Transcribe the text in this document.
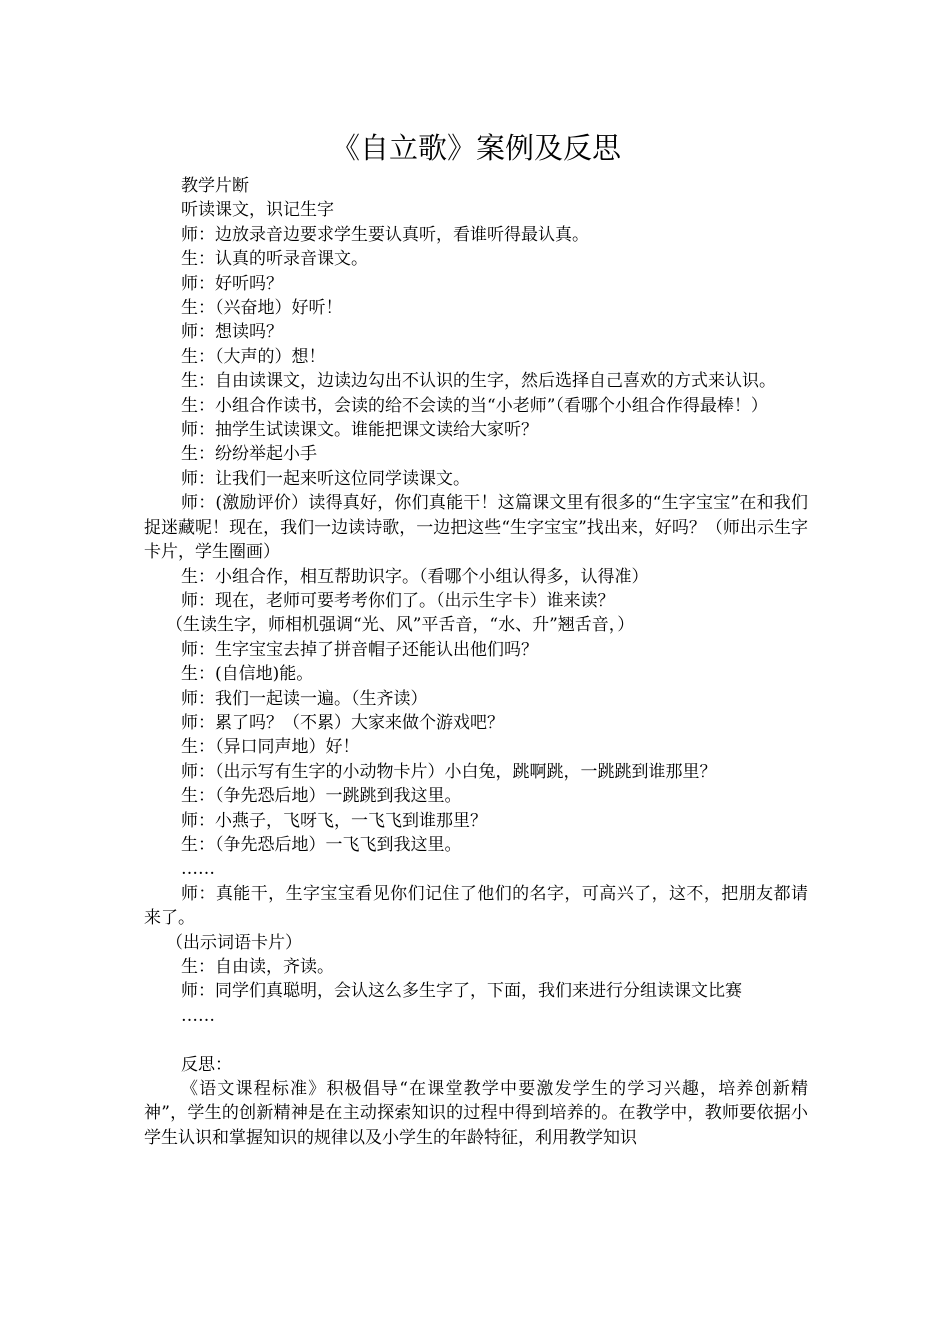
《自立歌》案例及反思

教学片断

听读课文，识记生字

师：边放录音边要求学生要认真听，看谁听得最认真。

生：认真的听录音课文。

师：好听吗？

生：（兴奋地）好听！

师：想读吗？

生：（大声的）想！

生：自由读课文，边读边勾出不认识的生字，然后选择自己喜欢的方式来认识。

生：小组合作读书，会读的给不会读的当“小老师”（看哪个小组合作得最棒！）

师：抽学生试读课文。谁能把课文读给大家听？

生：纷纷举起小手

师：让我们一起来听这位同学读课文。

师：(激励评价）读得真好，你们真能干！这篇课文里有很多的“生字宝宝”在和我们捉迷藏呢！现在，我们一边读诗歌，一边把这些“生字宝宝”找出来，好吗？（师出示生字卡片，学生圈画）

生：小组合作，相互帮助识字。（看哪个小组认得多，认得准）

师：现在，老师可要考考你们了。（出示生字卡）谁来读？

（生读生字，师相机强调“光、风”平舌音，“水、升”翘舌音，）

师：生字宝宝去掉了拼音帽子还能认出他们吗？

生：(自信地)能。

师：我们一起读一遍。（生齐读）

师：累了吗？（不累）大家来做个游戏吧？

生：（异口同声地）好！

师：（出示写有生字的小动物卡片）小白兔，跳啊跳，一跳跳到谁那里？

生：（争先恐后地）一跳跳到我这里。

师：小燕子，飞呀飞，一飞飞到谁那里？

生：（争先恐后地）一飞飞到我这里。

……

师：真能干，生字宝宝看见你们记住了他们的名字，可高兴了，这不，把朋友都请来了。

（出示词语卡片）

生：自由读，齐读。

师：同学们真聪明，会认这么多生字了，下面，我们来进行分组读课文比赛

……

反思：

《语文课程标准》积极倡导“在课堂教学中要激发学生的学习兴趣，培养创新精神”，学生的创新精神是在主动探索知识的过程中得到培养的。在教学中，教师要依据小学生认识和掌握知识的规律以及小学生的年龄特征，利用教学知识
